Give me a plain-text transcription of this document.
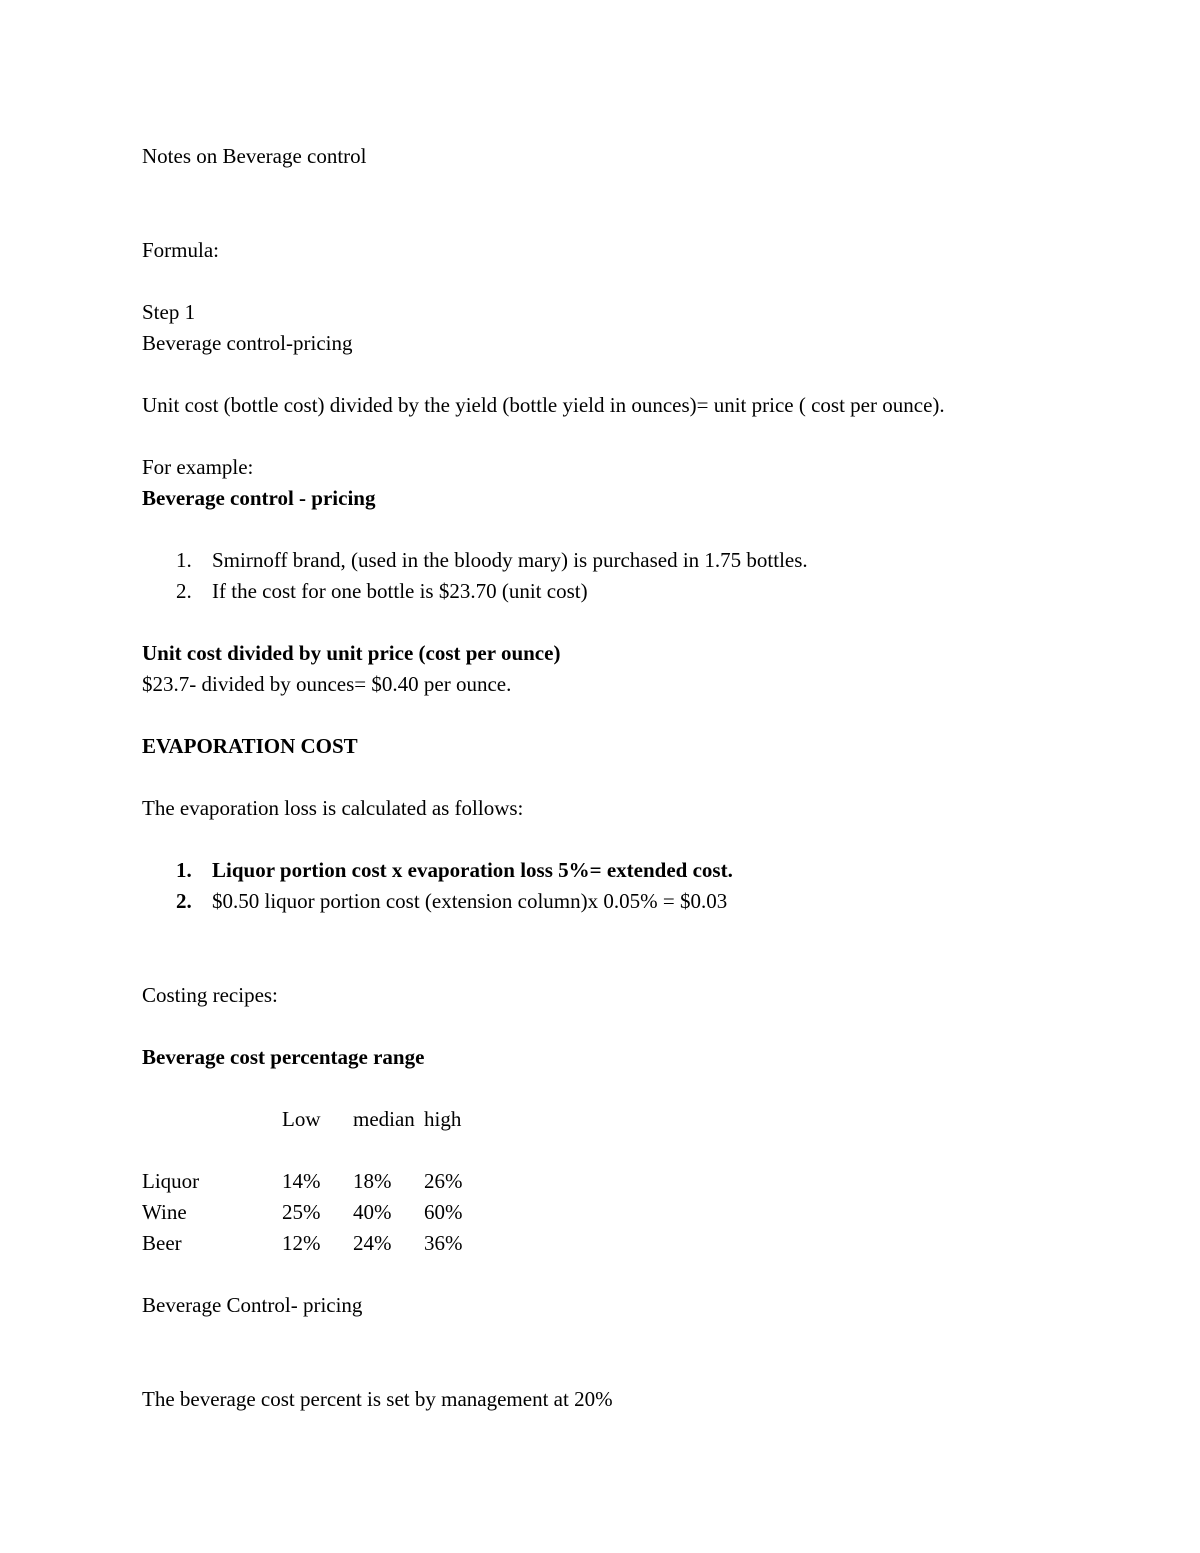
Notes on Beverage control
Formula:
Step 1
Beverage control-pricing
Unit cost (bottle cost) divided by the yield (bottle yield in ounces)= unit price ( cost per ounce).
For example:
Beverage control - pricing
1. Smirnoff brand, (used in the bloody mary) is purchased in 1.75 bottles.
2. If the cost for one bottle is $23.70 (unit cost)
Unit cost divided by unit price (cost per ounce)
$23.7- divided by ounces= $0.40 per ounce.
EVAPORATION COST
The evaporation loss is calculated as follows:
1. Liquor portion cost x evaporation loss 5%= extended cost.
2. $0.50 liquor portion cost (extension column)x 0.05% = $0.03
Costing recipes:
Beverage cost percentage range
Low median high
Liquor	14% 18% 26%
Wine	25% 40% 60%
Beer	12% 24% 36%
Beverage Control- pricing
The beverage cost percent is set by management at 20%
